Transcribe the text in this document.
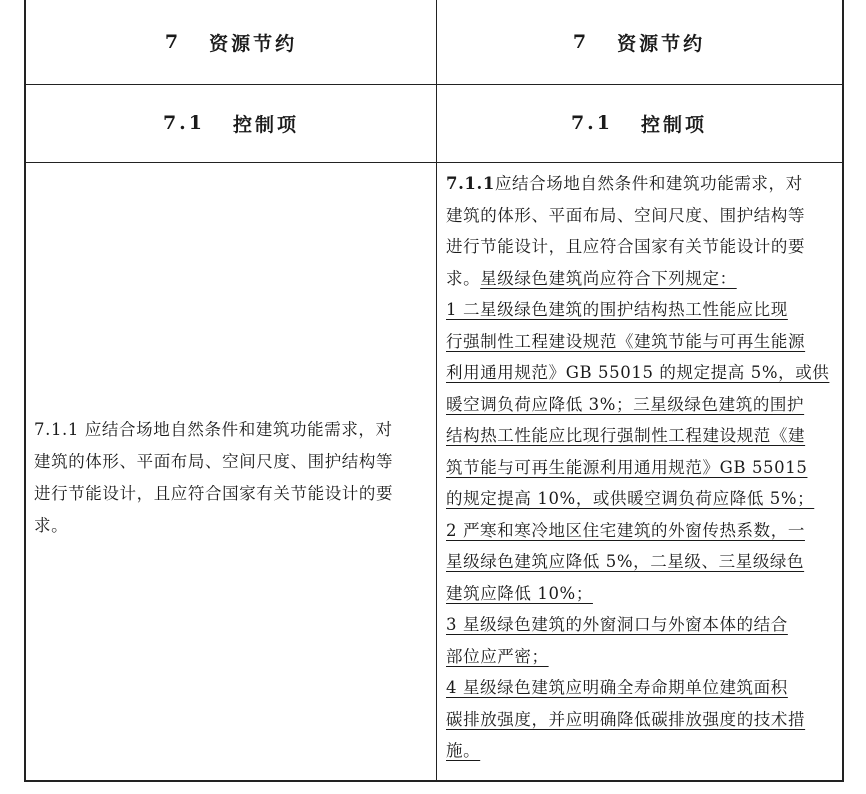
7 资源节约	7 资源节约
7.1 控制项	7.1 控制项
7.1.1 应结合场地自然条件和建筑功能需求，对
建筑的体形、平面布局、空间尺度、围护结构等
进行节能设计，且应符合国家有关节能设计的要
求。
7.1.1应结合场地自然条件和建筑功能需求，对
建筑的体形、平面布局、空间尺度、围护结构等
进行节能设计，且应符合国家有关节能设计的要
求。星级绿色建筑尚应符合下列规定：
1 二星级绿色建筑的围护结构热工性能应比现
行强制性工程建设规范《建筑节能与可再生能源
利用通用规范》GB 55015 的规定提高 5%，或供
暖空调负荷应降低 3%；三星级绿色建筑的围护
结构热工性能应比现行强制性工程建设规范《建
筑节能与可再生能源利用通用规范》GB 55015
的规定提高 10%，或供暖空调负荷应降低 5%；
2 严寒和寒冷地区住宅建筑的外窗传热系数，一
星级绿色建筑应降低 5%，二星级、三星级绿色
建筑应降低 10%；
3 星级绿色建筑的外窗洞口与外窗本体的结合
部位应严密；
4 星级绿色建筑应明确全寿命期单位建筑面积
碳排放强度，并应明确降低碳排放强度的技术措
施。
